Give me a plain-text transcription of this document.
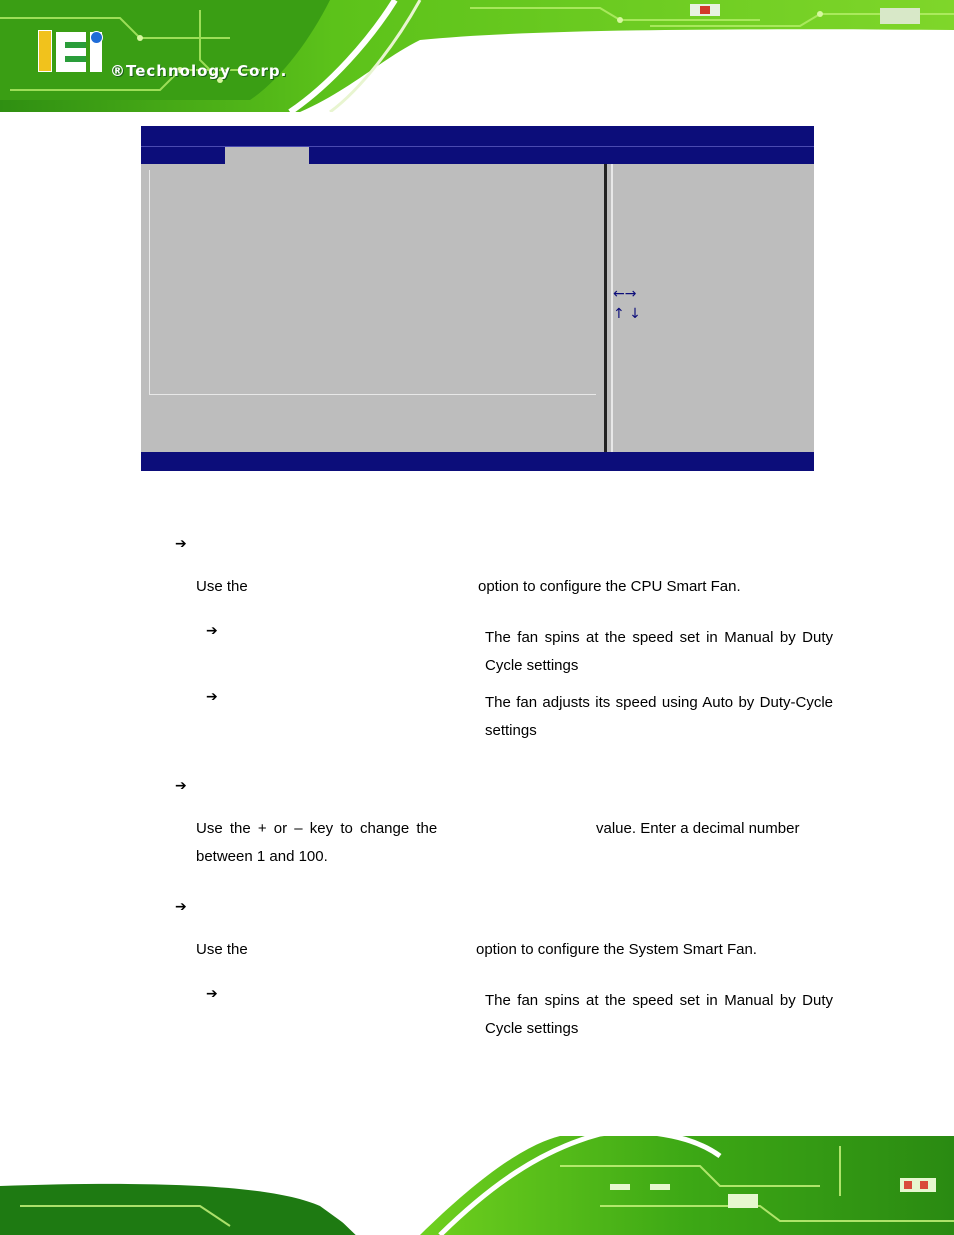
®Technology Corp.
←→
↑ ↓
➔
Use the	option to configure the CPU Smart Fan.
➔	The fan spins at the speed set in Manual by Duty Cycle settings
➔	The fan adjusts its speed using Auto by Duty-Cycle settings
➔
Use the + or – key to change the	value. Enter a decimal number
between 1 and 100.
➔
Use the	option to configure the System Smart Fan.
➔	The fan spins at the speed set in Manual by Duty Cycle settings
